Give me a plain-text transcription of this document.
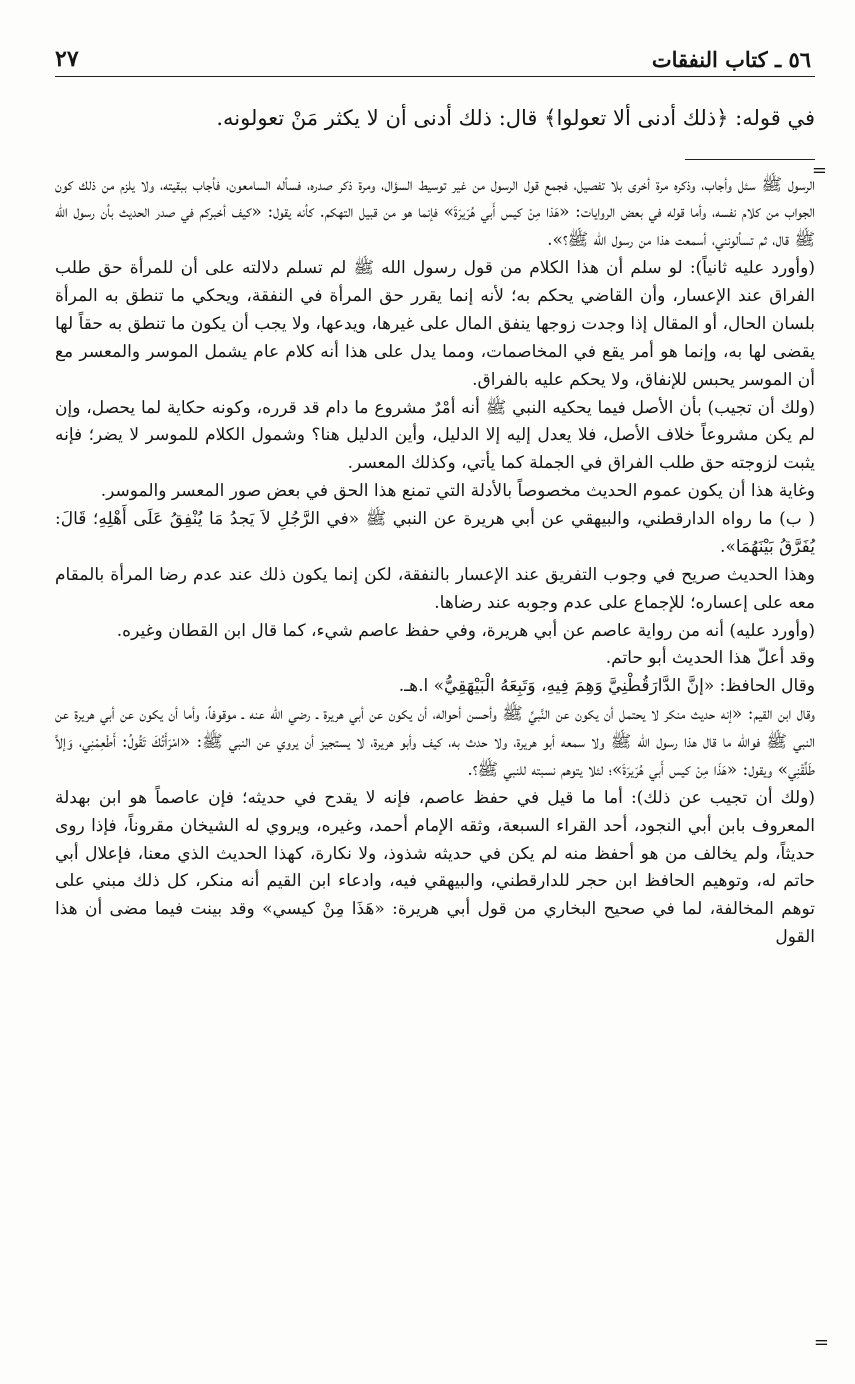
٥٦ ـ كتاب النفقات
٢٧
في قوله: ﴿ذلك أدنى ألا تعولوا﴾ قال: ذلك أدنى أن لا يكثر مَنْ تعولونه.

الرسول ﷺ سئل وأجاب، وذكره مرة أخرى بلا تفصيل، فجمع قول الرسول من غير توسيط السؤال، ومرة ذكر صدره، فسأله السامعون، فأجاب ببقيته، ولا يلزم من ذلك كون الجواب من كلام نفسه، وأما قوله في بعض الروايات: «هَذا مِنْ كيس أَبي هُرَيرَةَ» فإنما هو من قبيل التهكم. كأنه يقول: «كيف أخبركم في صدر الحديث بأن رسول الله ﷺ قال، ثم تسألونني، أسمعت هذا من رسول الله ﷺ؟».

(وأورد عليه ثانياً): لو سلم أن هذا الكلام من قول رسول الله ﷺ لم تسلم دلالته على أن للمرأة حق طلب الفراق عند الإعسار، وأن القاضي يحكم به؛ لأنه إنما يقرر حق المرأة في النفقة، ويحكي ما تنطق به المرأة بلسان الحال، أو المقال إذا وجدت زوجها ينفق المال على غيرها، ويدعها، ولا يجب أن يكون ما تنطق به حقاً لها يقضى لها به، وإنما هو أمر يقع في المخاصمات، ومما يدل على هذا أنه كلام عام يشمل الموسر والمعسر مع أن الموسر يحبس للإنفاق، ولا يحكم عليه بالفراق.

(ولك أن تجيب) بأن الأصل فيما يحكيه النبي ﷺ أنه أمْرٌ مشروع ما دام قد قرره، وكونه حكاية لما يحصل، وإن لم يكن مشروعاً خلاف الأصل، فلا يعدل إليه إلا الدليل، وأين الدليل هنا؟ وشمول الكلام للموسر لا يضر؛ فإنه يثبت لزوجته حق طلب الفراق في الجملة كما يأتي، وكذلك المعسر.

وغاية هذا أن يكون عموم الحديث مخصوصاً بالأدلة التي تمنع هذا الحق في بعض صور المعسر والموسر.

( ب) ما رواه الدارقطني، والبيهقي عن أبي هريرة عن النبي ﷺ «في الرَّجُلِ لاَ يَجدُ مَا يُنْفِقُ عَلَى أَهْلِهِ؛ قَالَ: يُفَرَّقُ بَيْنَهُمَا».

وهذا الحديث صريح في وجوب التفريق عند الإعسار بالنفقة، لكن إنما يكون ذلك عند عدم رضا المرأة بالمقام معه على إعساره؛ للإجماع على عدم وجوبه عند رضاها.

(وأورد عليه) أنه من رواية عاصم عن أبي هريرة، وفي حفظ عاصم شيء، كما قال ابن القطان وغيره.

وقد أعلّ هذا الحديث أبو حاتم.

وقال الحافظ: «إنَّ الدَّارَقُطْنِيَّ وَهِمَ فِيهِ، وَتَبِعَهُ الْبَيْهَقِيُّ» ا.هـ.

وقال ابن القيم: «إنه حديث منكر لا يحتمل أن يكون عن النَّبيِّ ﷺ وأحسن أحواله، أن يكون عن أبي هريرة ـ رضي الله عنه ـ موقوفاً، وأما أن يكون عن أبي هريرة عن النبي ﷺ فوالله ما قال هذا رسول الله ﷺ ولا سمعه أبو هريرة، ولا حدث به، كيف وأبو هريرة، لا يستجيز أن يروي عن النبي ﷺ: «امْرَأَتُكَ تَقُولُ: أَطْعِمْنِي، وَإلاَّ طَلِّقْنِي» ويقول: «هَذَا مِنْ كيس أَبي هُرَيرَةَ»؛ لئلا يتوهم نسبته للنبي ﷺ؟.

(ولك أن تجيب عن ذلك): أما ما قيل في حفظ عاصم، فإنه لا يقدح في حديثه؛ فإن عاصماً هو ابن بهدلة المعروف بابن أبي النجود، أحد القراء السبعة، وثقه الإمام أحمد، وغيره، ويروي له الشيخان مقروناً، فإذا روى حديثاً، ولم يخالف من هو أحفظ منه لم يكن في حديثه شذوذ، ولا نكارة، كهذا الحديث الذي معنا، فإعلال أبي حاتم له، وتوهيم الحافظ ابن حجر للدارقطني، والبيهقي فيه، وادعاء ابن القيم أنه منكر، كل ذلك مبني على توهم المخالفة، لما في صحيح البخاري من قول أبي هريرة: «هَذَا مِنْ كيسي» وقد بينت فيما مضى أن هذا القول

=
=
